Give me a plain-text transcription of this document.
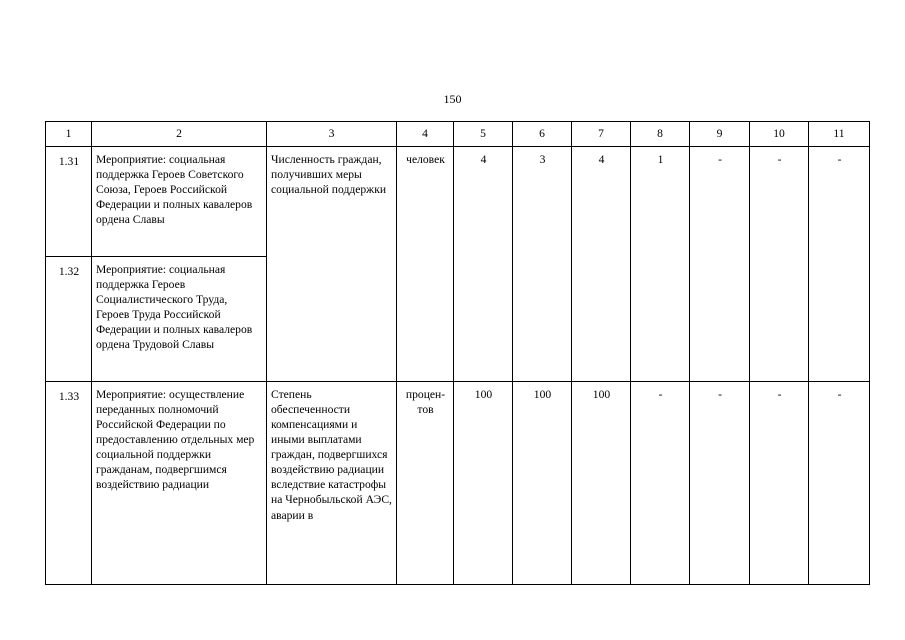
150
1	2	3	4	5	6	7	8	9	10	11
1.31	Мероприятие: социальная поддержка Героев Советского Союза, Героев Российской Федерации и полных кавалеров ордена Славы	Численность граждан, получивших меры социальной поддержки	человек	4	3	4	1	-	-	-
1.32	Мероприятие: социальная поддержка Героев Социалистического Труда, Героев Труда Российской Федерации и полных кавалеров ордена Трудовой Славы									
1.33	Мероприятие: осуществление переданных полномочий Российской Федерации по предоставлению отдельных мер социальной поддержки гражданам, подвергшимся воздействию радиации	Степень обеспеченности компенсациями и иными выплатами граждан, подвергшихся воздействию радиации вследствие катастрофы на Чернобыльской АЭС, аварии в	процен-тов	100	100	100	-	-	-	-
